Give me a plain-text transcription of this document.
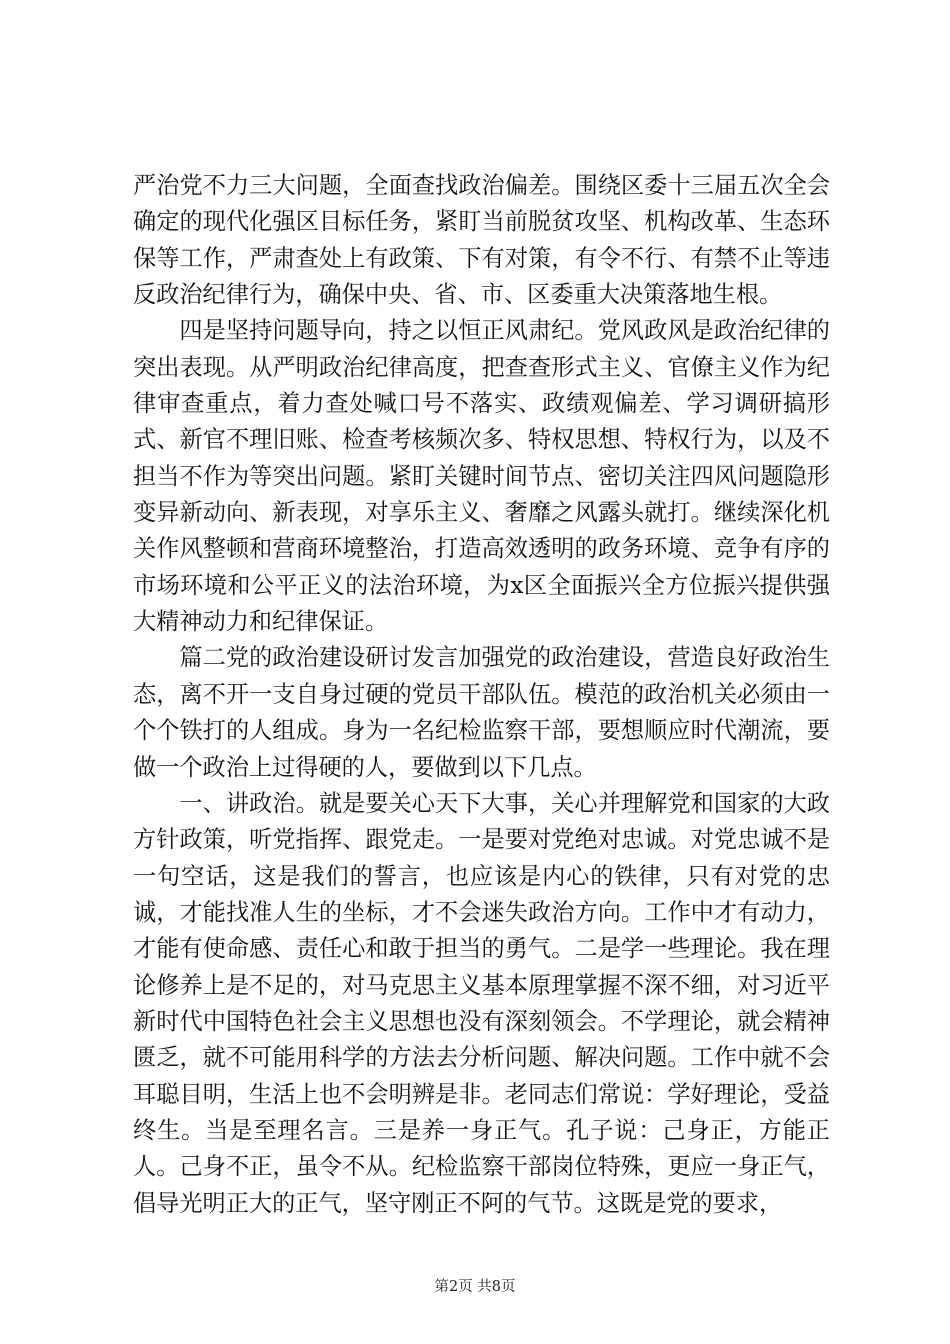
严治党不力三大问题，全面查找政治偏差。围绕区委十三届五次全会确定的现代化强区目标任务，紧盯当前脱贫攻坚、机构改革、生态环保等工作，严肃查处上有政策、下有对策，有令不行、有禁不止等违反政治纪律行为，确保中央、省、市、区委重大决策落地生根。

四是坚持问题导向，持之以恒正风肃纪。党风政风是政治纪律的突出表现。从严明政治纪律高度，把查查形式主义、官僚主义作为纪律审查重点，着力查处喊口号不落实、政绩观偏差、学习调研搞形式、新官不理旧账、检查考核频次多、特权思想、特权行为，以及不担当不作为等突出问题。紧盯关键时间节点、密切关注四风问题隐形变异新动向、新表现，对享乐主义、奢靡之风露头就打。继续深化机关作风整顿和营商环境整治，打造高效透明的政务环境、竞争有序的市场环境和公平正义的法治环境，为x区全面振兴全方位振兴提供强大精神动力和纪律保证。

篇二党的政治建设研讨发言加强党的政治建设，营造良好政治生态，离不开一支自身过硬的党员干部队伍。模范的政治机关必须由一个个铁打的人组成。身为一名纪检监察干部，要想顺应时代潮流，要做一个政治上过得硬的人，要做到以下几点。

一、讲政治。就是要关心天下大事，关心并理解党和国家的大政方针政策，听党指挥、跟党走。一是要对党绝对忠诚。对党忠诚不是一句空话，这是我们的誓言，也应该是内心的铁律，只有对党的忠诚，才能找准人生的坐标，才不会迷失政治方向。工作中才有动力，才能有使命感、责任心和敢于担当的勇气。二是学一些理论。我在理论修养上是不足的，对马克思主义基本原理掌握不深不细，对习近平新时代中国特色社会主义思想也没有深刻领会。不学理论，就会精神匮乏，就不可能用科学的方法去分析问题、解决问题。工作中就不会耳聪目明，生活上也不会明辨是非。老同志们常说：学好理论，受益终生。当是至理名言。三是养一身正气。孔子说：己身正，方能正人。己身不正，虽令不从。纪检监察干部岗位特殊，更应一身正气，倡导光明正大的正气，坚守刚正不阿的气节。这既是党的要求，

第2页 共8页
